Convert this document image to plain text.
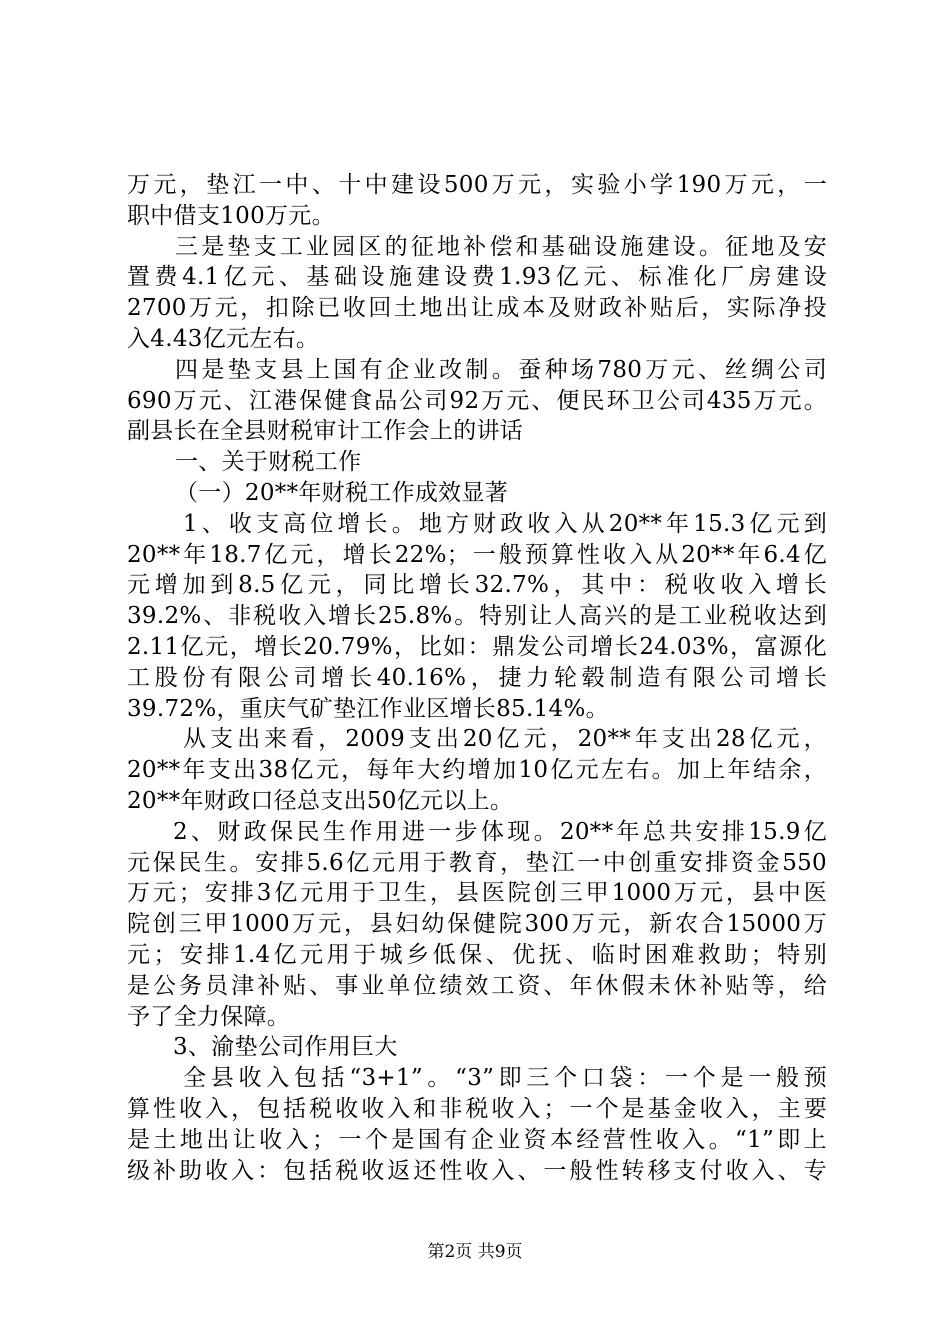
万元，垫江一中、十中建设500万元，实验小学190万元，一
职中借支100万元。
三是垫支工业园区的征地补偿和基础设施建设。征地及安
置费4.1亿元、基础设施建设费1.93亿元、标准化厂房建设
2700万元，扣除已收回土地出让成本及财政补贴后，实际净投
入4.43亿元左右。
四是垫支县上国有企业改制。蚕种场780万元、丝绸公司
690万元、江港保健食品公司92万元、便民环卫公司435万元。
副县长在全县财税审计工作会上的讲话
一、关于财税工作
（一）20**年财税工作成效显著
1、收支高位增长。地方财政收入从20**年15.3亿元到
20**年18.7亿元，增长22%；一般预算性收入从20**年6.4亿
元增加到8.5亿元，同比增长32.7%，其中：税收收入增长
39.2%、非税收入增长25.8%。特别让人高兴的是工业税收达到
2.11亿元，增长20.79%，比如：鼎发公司增长24.03%，富源化
工股份有限公司增长40.16%，捷力轮毂制造有限公司增长
39.72%，重庆气矿垫江作业区增长85.14%。
从支出来看，2009支出20亿元，20**年支出28亿元，
20**年支出38亿元，每年大约增加10亿元左右。加上年结余，
20**年财政口径总支出50亿元以上。
2、财政保民生作用进一步体现。20**年总共安排15.9亿
元保民生。安排5.6亿元用于教育，垫江一中创重安排资金550
万元；安排3亿元用于卫生，县医院创三甲1000万元，县中医
院创三甲1000万元，县妇幼保健院300万元，新农合15000万
元；安排1.4亿元用于城乡低保、优抚、临时困难救助；特别
是公务员津补贴、事业单位绩效工资、年休假未休补贴等，给
予了全力保障。
3、渝垫公司作用巨大
全县收入包括“3+1”。“3”即三个口袋：一个是一般预
算性收入，包括税收收入和非税收入；一个是基金收入，主要
是土地出让收入；一个是国有企业资本经营性收入。“1”即上
级补助收入：包括税收返还性收入、一般性转移支付收入、专
第2页 共9页
